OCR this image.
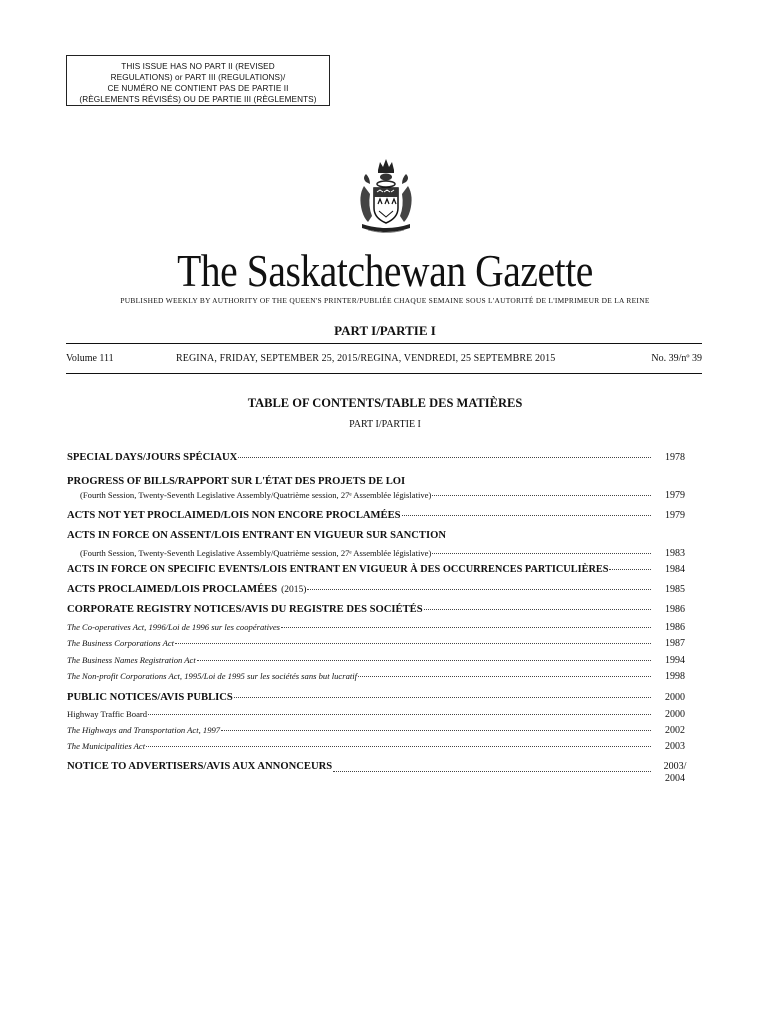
THIS ISSUE HAS NO PART II (REVISED
REGULATIONS) or PART III (REGULATIONS)/
CE NUMÉRO NE CONTIENT PAS DE PARTIE II
(RÈGLEMENTS RÉVISÉS) OU DE PARTIE III (RÈGLEMENTS)
The Saskatchewan Gazette
PUBLISHED WEEKLY BY AUTHORITY OF THE QUEEN'S PRINTER/PUBLIÉE CHAQUE SEMAINE SOUS L'AUTORITÉ DE L'IMPRIMEUR DE LA REINE
PART I/PARTIE I
Volume 111	REGINA, FRIDAY, SEPTEMBER 25, 2015/REGINA, VENDREDI, 25 SEPTEMBRE 2015	No. 39/nº 39
TABLE OF CONTENTS/TABLE DES MATIÈRES
PART I/PARTIE I
SPECIAL DAYS/JOURS SPÉCIAUX	1978
PROGRESS OF BILLS/RAPPORT SUR L'ÉTAT DES PROJETS DE LOI
(Fourth Session, Twenty-Seventh Legislative Assembly/Quatrième session, 27ᵉ Assemblée législative)	1979
ACTS NOT YET PROCLAIMED/LOIS NON ENCORE PROCLAMÉES	1979
ACTS IN FORCE ON ASSENT/LOIS ENTRANT EN VIGUEUR SUR SANCTION
(Fourth Session, Twenty-Seventh Legislative Assembly/Quatrième session, 27ᵉ Assemblée législative)	1983
ACTS IN FORCE ON SPECIFIC EVENTS/LOIS ENTRANT EN VIGUEUR À DES OCCURRENCES PARTICULIÈRES	1984
ACTS PROCLAIMED/LOIS PROCLAMÉES (2015)	1985
CORPORATE REGISTRY NOTICES/AVIS DU REGISTRE DES SOCIÉTÉS	1986
The Co-operatives Act, 1996/Loi de 1996 sur les coopératives	1986
The Business Corporations Act	1987
The Business Names Registration Act	1994
The Non-profit Corporations Act, 1995/Loi de 1995 sur les sociétés sans but lucratif	1998
PUBLIC NOTICES/AVIS PUBLICS	2000
Highway Traffic Board	2000
The Highways and Transportation Act, 1997	2002
The Municipalities Act	2003
NOTICE TO ADVERTISERS/AVIS AUX ANNONCEURS	2003/
2004
